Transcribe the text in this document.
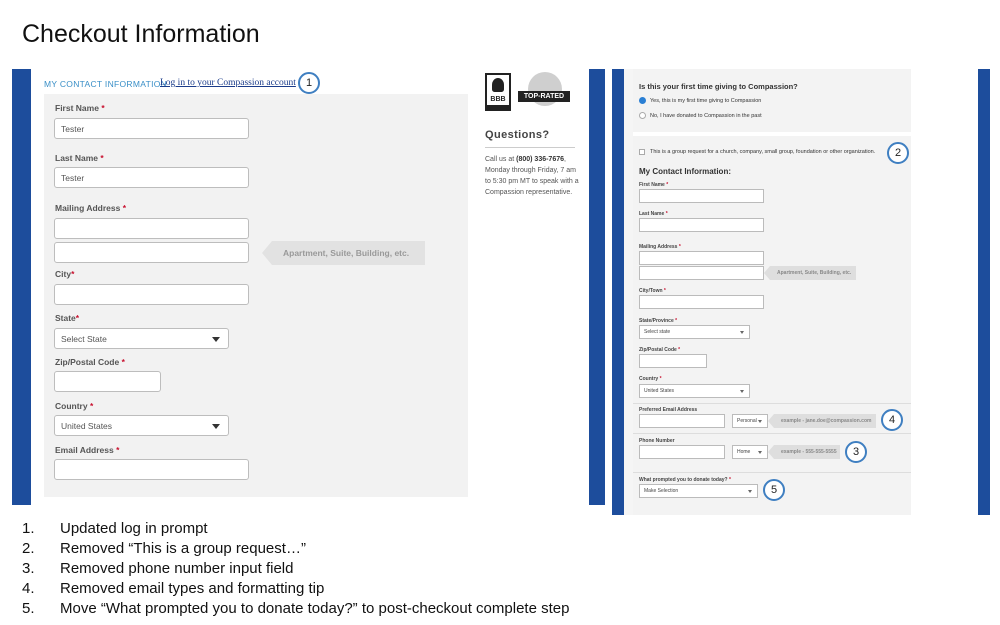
Checkout Information
MY CONTACT INFORMATION
Log in to your Compassion account 1
First Name *
Tester
Last Name *
Tester
Mailing Address *
Apartment, Suite, Building, etc.
City*
State*
Select State
Zip/Postal Code *
Country *
United States
Email Address *
BBB	TOP-RATED
Questions?
Call us at (800) 336-7676, Monday through Friday, 7 am to 5:30 pm MT to speak with a Compassion representative.
Is this your first time giving to Compassion?
Yes, this is my first time giving to Compassion
No, I have donated to Compassion in the past
This is a group request for a church, company, small group, foundation or other organization.	2
My Contact Information:
First Name *
Last Name *
Mailing Address *
Apartment, Suite, Building, etc.
City/Town *
State/Province *
Select state
Zip/Postal Code *
Country *
United States
Preferred Email Address
Personal	example - jane.doe@compassion.com	4
Phone Number
Home	example - 555-555-5555	3
What prompted you to donate today? *
Make Selection	5
1. Updated log in prompt
2. Removed “This is a group request…”
3. Removed phone number input field
4. Removed email types and formatting tip
5. Move “What prompted you to donate today?” to post-checkout complete step
